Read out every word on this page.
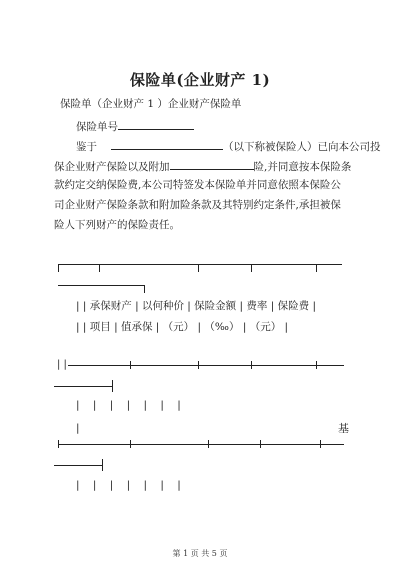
保险单(企业财产 1)
保险单（企业财产 1 ）企业财产保险单
保险单号
鉴于	（以下称被保险人）已向本公司投
保企业财产保险以及附加	险,并同意按本保险条
款约定交纳保险费,本公司特签发本保险单并同意依照本保险公
司企业财产保险条款和附加险条款及其特别约定条件,承担被保
险人下列财产的保险责任。
| | 承保财产 | 以何种价 | 保险金额 | 费率 | 保险费 |
| | 项目 | 值承保 | （元） | （‰） | （元） |
| |
| | | | | | |
|	基
| | | | | | |
第 1 页 共 5 页
